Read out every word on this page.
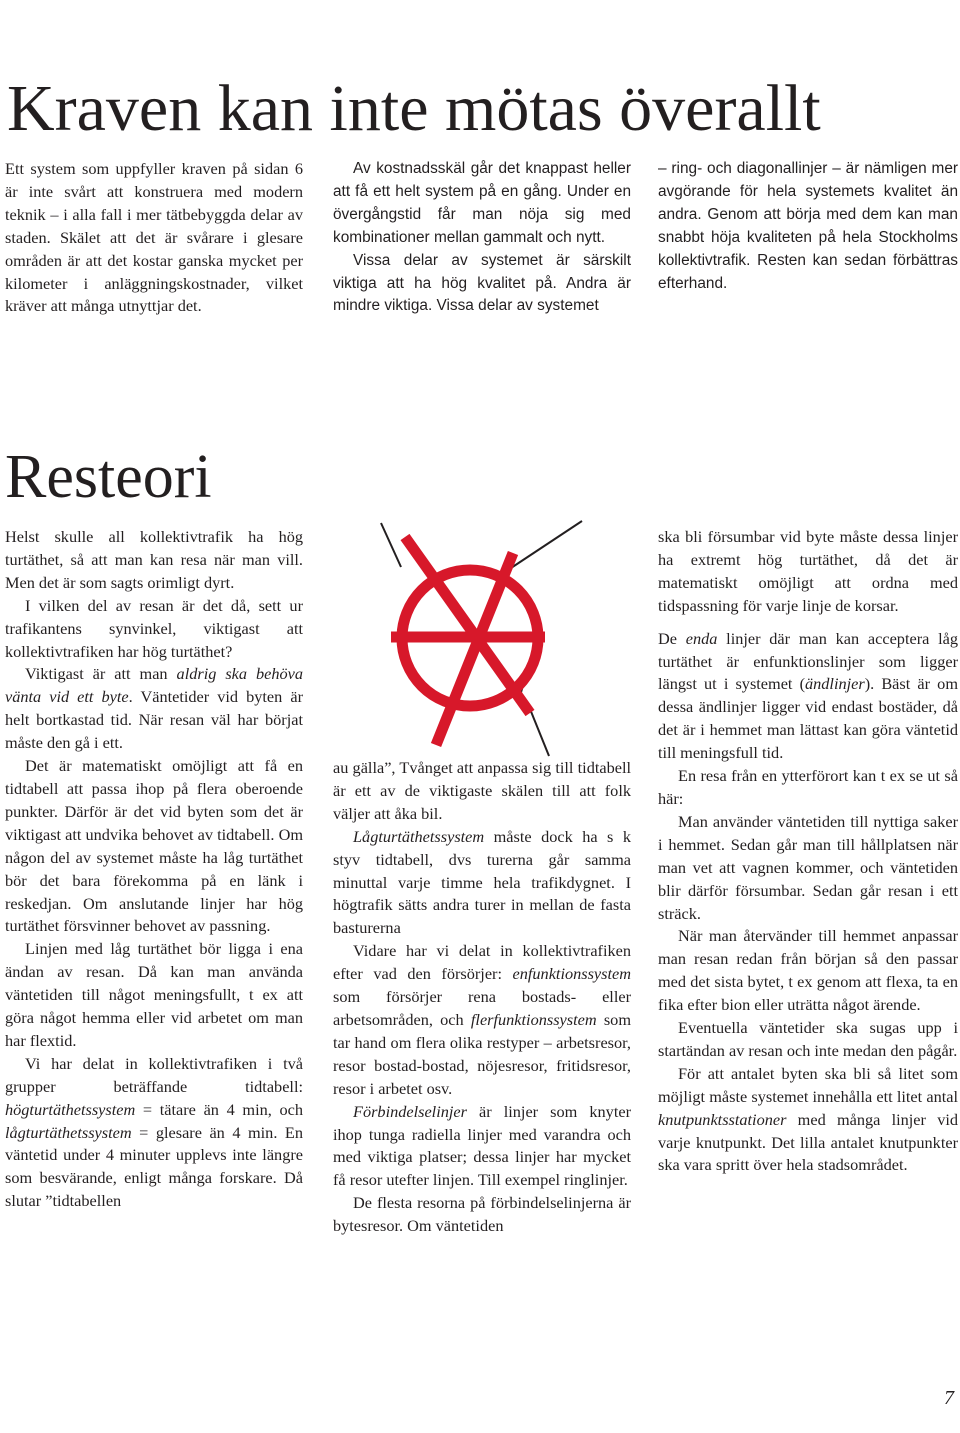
Kraven kan inte mötas överallt

Ett system som uppfyller kraven på sidan 6 är inte svårt att konstruera med modern teknik – i alla fall i mer tätbebyggda delar av staden. Skälet att det är svårare i glesare områden är att det kostar ganska mycket per kilometer i anläggningskostnader, vilket kräver att många utnyttjar det.

Av kostnadsskäl går det knappast heller att få ett helt system på en gång. Under en övergångstid får man nöja sig med kombinationer mellan gammalt och nytt.

Vissa delar av systemet är särskilt viktiga att ha hög kvalitet på. Andra är mindre viktiga. Vissa delar av systemet

– ring- och diagonallinjer – är nämligen mer avgörande för hela systemets kvalitet än andra. Genom att börja med dem kan man snabbt höja kvaliteten på hela Stockholms kollektivtrafik. Resten kan sedan förbättras efterhand.

Resteori

Helst skulle all kollektivtrafik ha hög turtäthet, så att man kan resa när man vill. Men det är som sagts orimligt dyrt.

I vilken del av resan är det då, sett ur trafikantens synvinkel, viktigast att kollektivtrafiken har hög turtäthet?

Viktigast är att man aldrig ska behöva vänta vid ett byte. Väntetider vid byten är helt bortkastad tid. När resan väl har börjat måste den gå i ett.

Det är matematiskt omöjligt att få en tidtabell att passa ihop på flera oberoende punkter. Därför är det vid byten som det är viktigast att undvika behovet av tidtabell. Om någon del av systemet måste ha låg turtäthet bör det bara förekomma på en länk i reskedjan. Om anslutande linjer har hög turtäthet försvinner behovet av passning.

Linjen med låg turtäthet bör ligga i ena ändan av resan. Då kan man använda väntetiden till något meningsfullt, t ex att göra något hemma eller vid arbetet om man har flextid.

Vi har delat in kollektivtrafiken i två grupper beträffande tidtabell: högturtäthetssystem = tätare än 4 min, och lågturtäthetssystem = glesare än 4 min. En väntetid under 4 minuter upplevs inte längre som besvärande, enligt många forskare. Då slutar ”tidtabellen

au gälla”, Tvånget att anpassa sig till tidtabell är ett av de viktigaste skälen till att folk väljer att åka bil.

Lågturtäthetssystem måste dock ha s k styv tidtabell, dvs turerna går samma minuttal varje timme hela trafikdygnet. I högtrafik sätts andra turer in mellan de fasta basturerna

Vidare har vi delat in kollektivtrafiken efter vad den försörjer: enfunktionssystem som försörjer rena bostads- eller arbetsområden, och flerfunktionssystem som tar hand om flera olika restyper – arbetsresor, resor bostad-bostad, nöjesresor, fritidsresor, resor i arbetet osv.

Förbindelselinjer är linjer som knyter ihop tunga radiella linjer med varandra och med viktiga platser; dessa linjer har mycket få resor utefter linjen. Till exempel ringlinjer.

De flesta resorna på förbindelselinjerna är bytesresor. Om väntetiden

ska bli försumbar vid byte måste dessa linjer ha extremt hög turtäthet, då det är matematiskt omöjligt att ordna med tidspassning för varje linje de korsar.

De enda linjer där man kan acceptera låg turtäthet är enfunktionslinjer som ligger längst ut i systemet (ändlinjer). Bäst är om dessa ändlinjer ligger vid endast bostäder, då det är i hemmet man lättast kan göra väntetid till meningsfull tid.

En resa från en ytterförort kan t ex se ut så här:

Man använder väntetiden till nyttiga saker i hemmet. Sedan går man till hållplatsen när man vet att vagnen kommer, och väntetiden blir därför försumbar. Sedan går resan i ett sträck.

När man återvänder till hemmet anpassar man resan redan från början så den passar med det sista bytet, t ex genom att flexa, ta en fika efter bion eller uträtta något ärende.

Eventuella väntetider ska sugas upp i startändan av resan och inte medan den pågår.

För att antalet byten ska bli så litet som möjligt måste systemet innehålla ett litet antal knutpunktsstationer med många linjer vid varje knutpunkt. Det lilla antalet knutpunkter ska vara spritt över hela stadsområdet.

7
